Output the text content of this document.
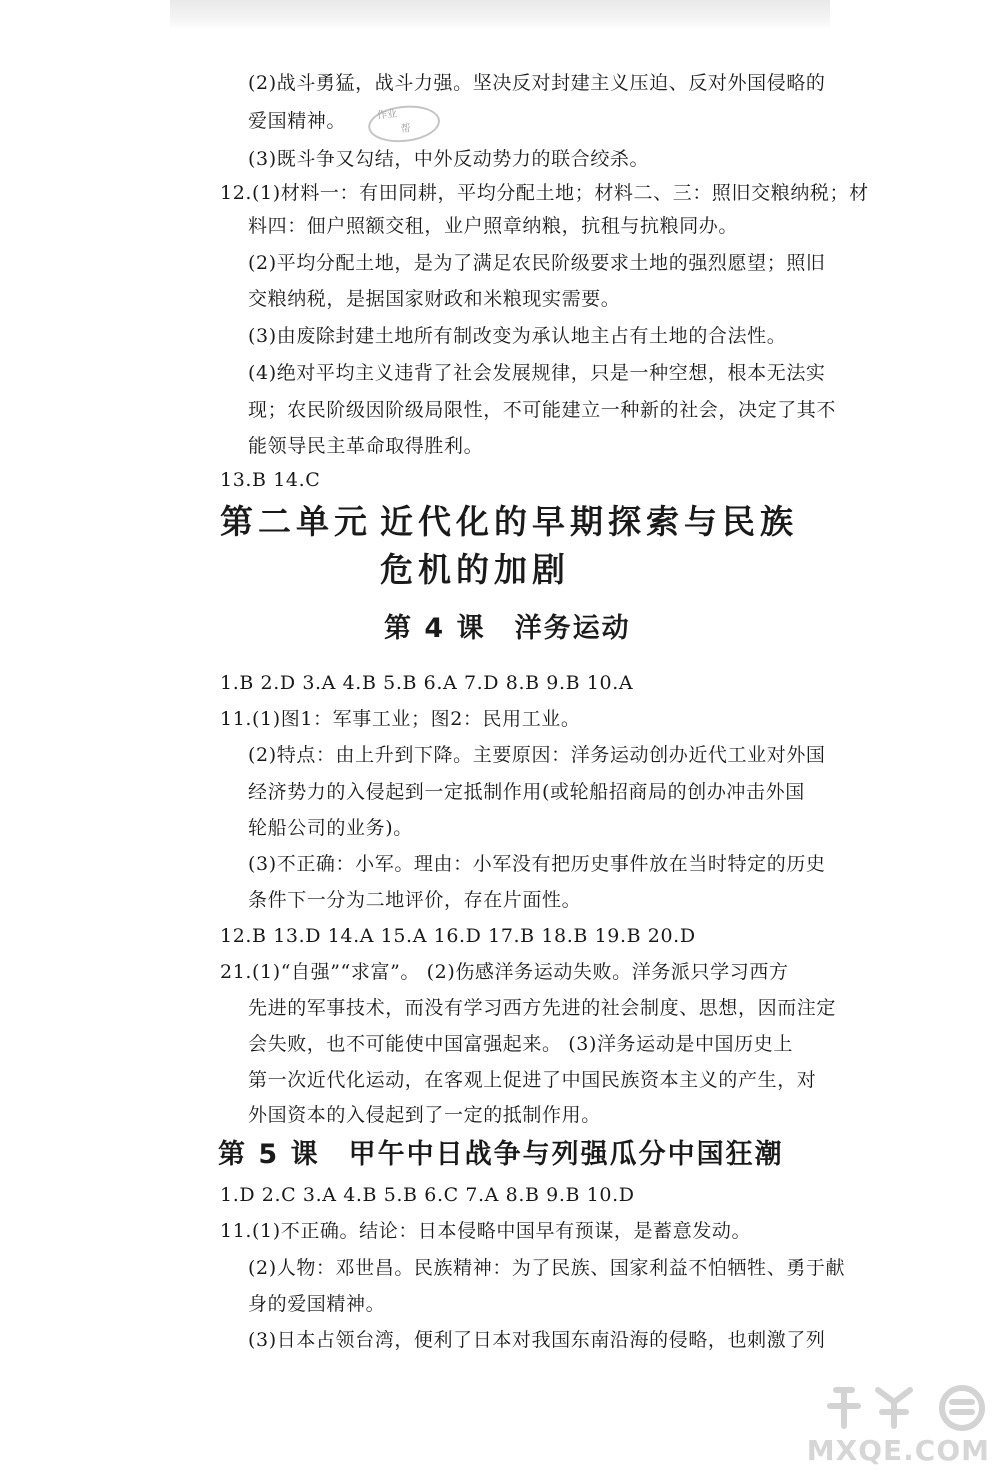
作业
帮
(2)战斗勇猛，战斗力强。坚决反对封建主义压迫、反对外国侵略的
爱国精神。
(3)既斗争又勾结，中外反动势力的联合绞杀。
12.(1)材料一：有田同耕，平均分配土地；材料二、三：照旧交粮纳税；材
料四：佃户照额交租，业户照章纳粮，抗租与抗粮同办。
(2)平均分配土地，是为了满足农民阶级要求土地的强烈愿望；照旧
交粮纳税，是据国家财政和米粮现实需要。
(3)由废除封建土地所有制改变为承认地主占有土地的合法性。
(4)绝对平均主义违背了社会发展规律，只是一种空想，根本无法实
现；农民阶级因阶级局限性，不可能建立一种新的社会，决定了其不
能领导民主革命取得胜利。
13.B 14.C
第二单元 近代化的早期探索与民族
危机的加剧
第 4 课　洋务运动
1.B 2.D 3.A 4.B 5.B 6.A 7.D 8.B 9.B 10.A
11.(1)图1：军事工业；图2：民用工业。
(2)特点：由上升到下降。主要原因：洋务运动创办近代工业对外国
经济势力的入侵起到一定抵制作用(或轮船招商局的创办冲击外国
轮船公司的业务)。
(3)不正确：小军。理由：小军没有把历史事件放在当时特定的历史
条件下一分为二地评价，存在片面性。
12.B 13.D 14.A 15.A 16.D 17.B 18.B 19.B 20.D
21.(1)“自强”“求富”。 (2)伤感洋务运动失败。洋务派只学习西方
先进的军事技术，而没有学习西方先进的社会制度、思想，因而注定
会失败，也不可能使中国富强起来。 (3)洋务运动是中国历史上
第一次近代化运动，在客观上促进了中国民族资本主义的产生，对
外国资本的入侵起到了一定的抵制作用。
第 5 课　甲午中日战争与列强瓜分中国狂潮
1.D 2.C 3.A 4.B 5.B 6.C 7.A 8.B 9.B 10.D
11.(1)不正确。结论：日本侵略中国早有预谋，是蓄意发动。
(2)人物：邓世昌。民族精神：为了民族、国家利益不怕牺牲、勇于献
身的爱国精神。
(3)日本占领台湾，便利了日本对我国东南沿海的侵略，也刺激了列
MXQE.COM
